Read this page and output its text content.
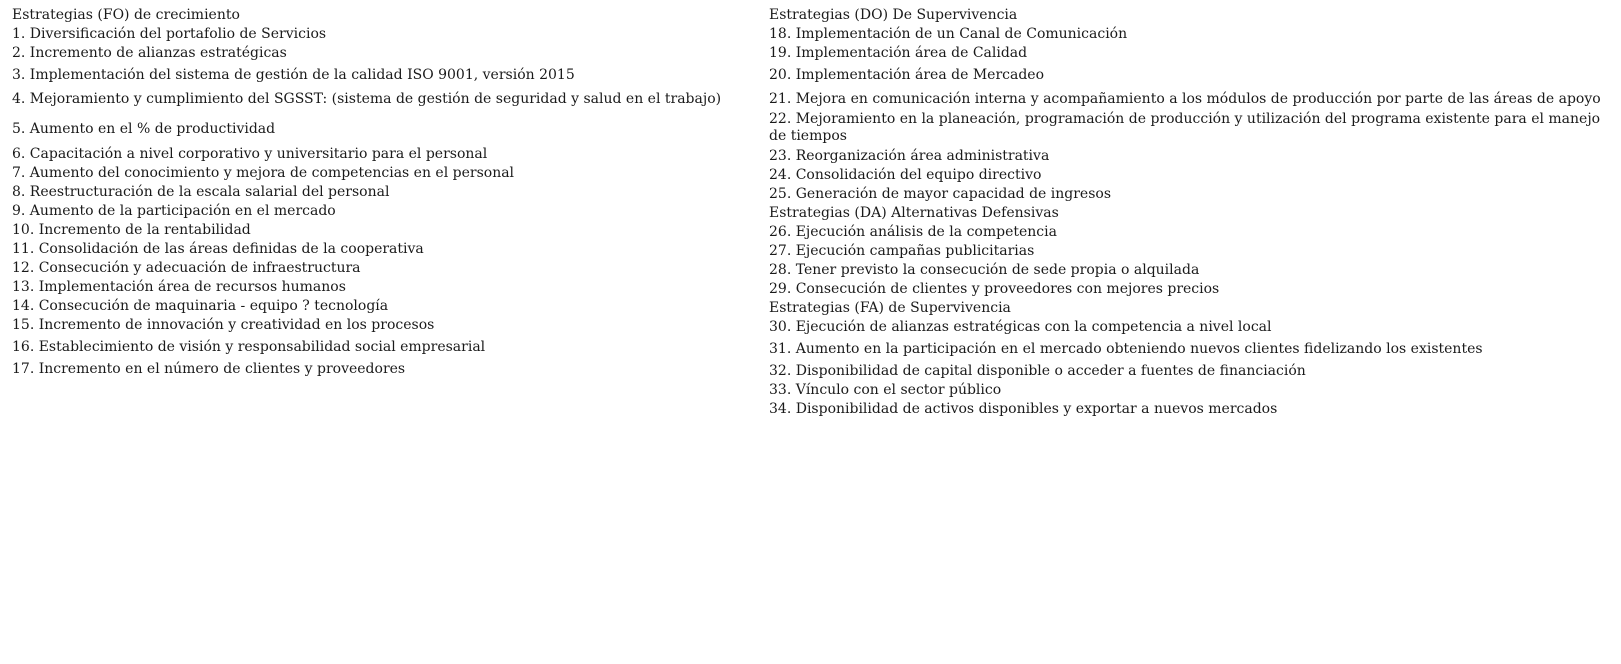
Estrategias (FO) de crecimiento
1. Diversificación del portafolio de Servicios
2. Incremento de alianzas estratégicas
3. Implementación del sistema de gestión de la calidad ISO 9001, versión 2015
4. Mejoramiento y cumplimiento del SGSST: (sistema de gestión de seguridad y salud en el trabajo)
5. Aumento en el % de productividad
6. Capacitación a nivel corporativo y universitario para el personal
7. Aumento del conocimiento y mejora de competencias en el personal
8. Reestructuración de la escala salarial del personal
9. Aumento de la participación en el mercado
10. Incremento de la rentabilidad
11. Consolidación de las áreas definidas de la cooperativa
12. Consecución y adecuación de infraestructura
13. Implementación área de recursos humanos
14. Consecución de maquinaria - equipo ? tecnología
15. Incremento de innovación y creatividad en los procesos
16. Establecimiento de visión y responsabilidad social empresarial
17. Incremento en el número de clientes y proveedores
Estrategias (DO) De Supervivencia
18. Implementación de un Canal de Comunicación
19. Implementación área de Calidad
20. Implementación área de Mercadeo
21. Mejora en comunicación interna y acompañamiento a los módulos de producción por parte de las áreas de apoyo
22. Mejoramiento en la planeación, programación de producción y utilización del programa existente para el manejo de tiempos
23. Reorganización área administrativa
24. Consolidación del equipo directivo
25. Generación de mayor capacidad de ingresos
Estrategias (DA) Alternativas Defensivas
26. Ejecución análisis de la competencia
27. Ejecución campañas publicitarias
28. Tener previsto la consecución de sede propia o alquilada
29. Consecución de clientes y proveedores con mejores precios
Estrategias (FA) de Supervivencia
30. Ejecución de alianzas estratégicas con la competencia a nivel local
31. Aumento en la participación en el mercado obteniendo nuevos clientes fidelizando los existentes
32. Disponibilidad de capital disponible o acceder a fuentes de financiación
33. Vínculo con el sector público
34. Disponibilidad de activos disponibles y exportar a nuevos mercados
